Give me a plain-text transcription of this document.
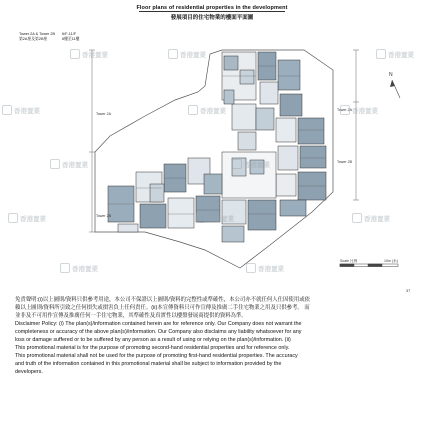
Floor plans of residential properties in the development
發展項目的住宅物業的樓面平面圖
Tower 2A & Tower 2B
第2A座及第2B座
6/F-11/F
6樓至11樓
Tower 2A
Tower 2B
Tower 2A
Tower 2B
N
Scale 比例	10m (米)
香港置業	香港置業	香港置業
香港置業	香港置業	香港置業
香港置業	香港置業
香港置業	香港置業	香港置業
香港置業	香港置業
37

免責聲明:(i)以上圖則/資料只供參考用途，本公司不保證以上圖則/資料的完整性或準確性，本公司亦不就任何人仕因使用或依

賴以上圖則/資料所引致之任何損失或損害負上任何責任。(ii)本宣傳資料只可作宣傳及推廣二手住宅物業之用及只供參考。 而

並非及不可用作宣傳及推廣任何一手住宅物業，其準確性及真實性以樓盤發展商提供的資料為準。

Disclaimer Policy: (i) The plan(s)/information contained herein are for reference only. Our Company does not warrant the

completeness or accuracy of the above plan(s)/information. Our Company also disclaims any liability whatsoever for any

loss or damage suffered or to be suffered by any person as a result of using or relying on the plan(s)/information. (ii)

This promotional material is for the purpose of promoting second-hand residential properties and for reference only.

This promotional material shall not be used for the purpose of promoting first-hand residential properties. The accuracy

and truth of the information contained in this promotional material shall be subject to information provided by the

developers.
